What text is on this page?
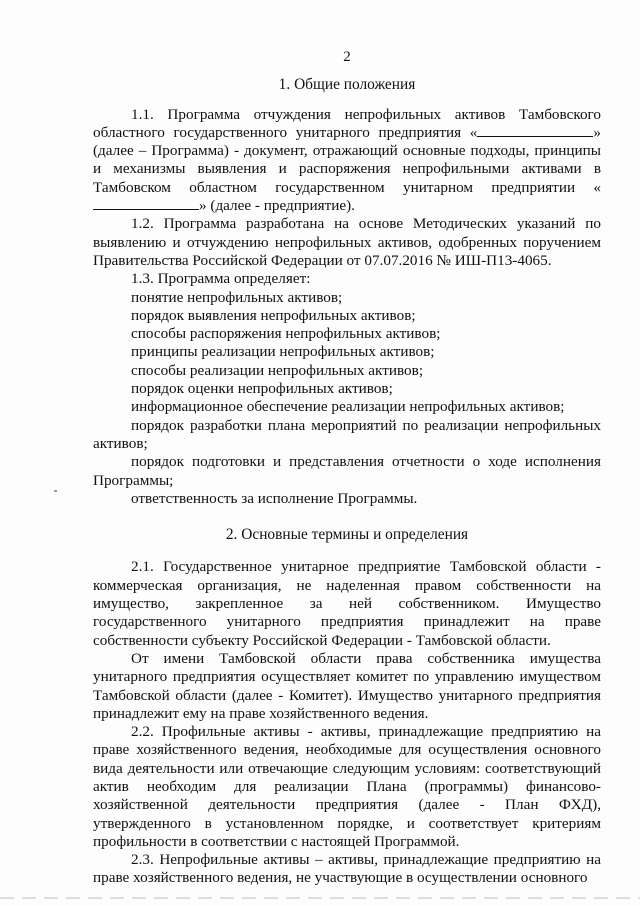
2
1. Общие положения

1.1. Программа отчуждения непрофильных активов Тамбовского областного государственного унитарного предприятия «	» (далее – Программа) - документ, отражающий основные подходы, принципы и механизмы выявления и распоряжения непрофильными активами в Тамбовском областном государственном унитарном предприятии «» (далее - предприятие).

1.2. Программа разработана на основе Методических указаний по выявлению и отчуждению непрофильных активов, одобренных поручением Правительства Российской Федерации от 07.07.2016 № ИШ-П13-4065.

1.3. Программа определяет:

понятие непрофильных активов;

порядок выявления непрофильных активов;

способы распоряжения непрофильных активов;

принципы реализации непрофильных активов;

способы реализации непрофильных активов;

порядок оценки непрофильных активов;

информационное обеспечение реализации непрофильных активов;

порядок разработки плана мероприятий по реализации непрофильных активов;

порядок подготовки и представления отчетности о ходе исполнения Программы;

ответственность за исполнение Программы.

2. Основные термины и определения

2.1. Государственное унитарное предприятие Тамбовской области - коммерческая организация, не наделенная правом собственности на имущество, закрепленное за ней собственником. Имущество государственного унитарного предприятия принадлежит на праве собственности субъекту Российской Федерации - Тамбовской области.

От имени Тамбовской области права собственника имущества унитарного предприятия осуществляет комитет по управлению имуществом Тамбовской области (далее - Комитет). Имущество унитарного предприятия принадлежит ему на праве хозяйственного ведения.

2.2. Профильные активы - активы, принадлежащие предприятию на праве хозяйственного ведения, необходимые для осуществления основного вида деятельности или отвечающие следующим условиям: соответствующий актив необходим для реализации Плана (программы) финансово-хозяйственной деятельности предприятия (далее - План ФХД), утвержденного в установленном порядке, и соответствует критериям профильности в соответствии с настоящей Программой.

2.3. Непрофильные активы – активы, принадлежащие предприятию на праве хозяйственного ведения, не участвующие в осуществлении основного
